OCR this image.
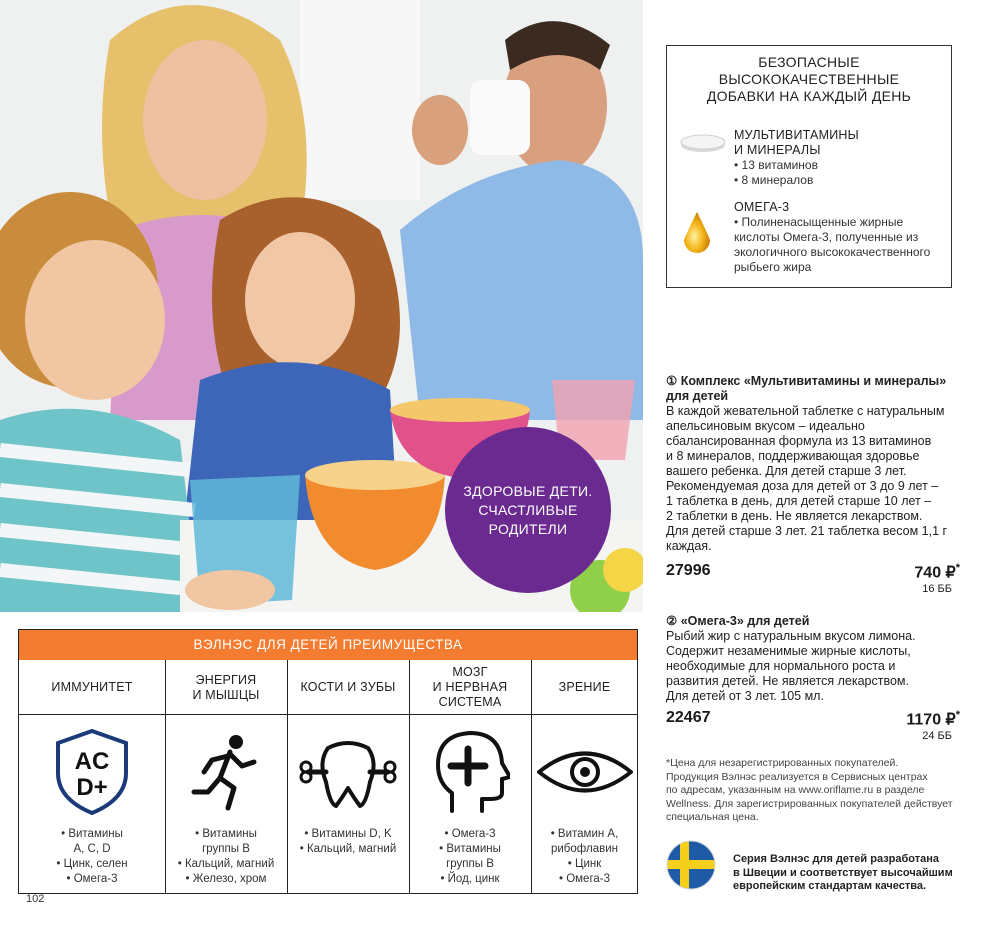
ЗДОРОВЫЕ ДЕТИ.
СЧАСТЛИВЫЕ
РОДИТЕЛИ
БЕЗОПАСНЫЕ
ВЫСОКОКАЧЕСТВЕННЫЕ
ДОБАВКИ НА КАЖДЫЙ ДЕНЬ
МУЛЬТИВИТАМИНЫ
И МИНЕРАЛЫ
• 13 витаминов
• 8 минералов
ОМЕГА-3
• Полиненасыщенные жирные
кислоты Омега-3, полученные из
экологичного высококачественного
рыбьего жира
① Комплекс «Мультивитамины и минералы»
для детей
В каждой жевательной таблетке с натуральным
апельсиновым вкусом – идеально
сбалансированная формула из 13 витаминов
и 8 минералов, поддерживающая здоровье
вашего ребенка. Для детей старше 3 лет.
Рекомендуемая доза для детей от 3 до 9 лет –
1 таблетка в день, для детей старше 10 лет –
2 таблетки в день. Не является лекарством.
Для детей старше 3 лет. 21 таблетка весом 1,1 г
каждая.
27996	740 ₽*
16 ББ
② «Омега-3» для детей
Рыбий жир с натуральным вкусом лимона.
Содержит незаменимые жирные кислоты,
необходимые для нормального роста и
развития детей. Не является лекарством.
Для детей от 3 лет. 105 мл.
22467	1170 ₽*
24 ББ
*Цена для незарегистрированных покупателей.
Продукция Вэлнэс реализуется в Сервисных центрах
по адресам, указанным на www.oriflame.ru в разделе
Wellness. Для зарегистрированных покупателей действует
специальная цена.
Серия Вэлнэс для детей разработана
в Швеции и соответствует высочайшим
европейским стандартам качества.
ВЭЛНЭС ДЛЯ ДЕТЕЙ ПРЕИМУЩЕСТВА
ИММУНИТЕТ
AC
D+
• Витамины
A, C, D
• Цинк, селен
• Омега-3
ЭНЕРГИЯ
И МЫШЦЫ
• Витамины
группы B
• Кальций, магний
• Железо, хром
КОСТИ И ЗУБЫ
• Витамины D, K
• Кальций, магний
МОЗГ
И НЕРВНАЯ
СИСТЕМА
• Омега-3
• Витамины
группы B
• Йод, цинк
ЗРЕНИЕ
• Витамин A,
рибофлавин
• Цинк
• Омега-3
102
